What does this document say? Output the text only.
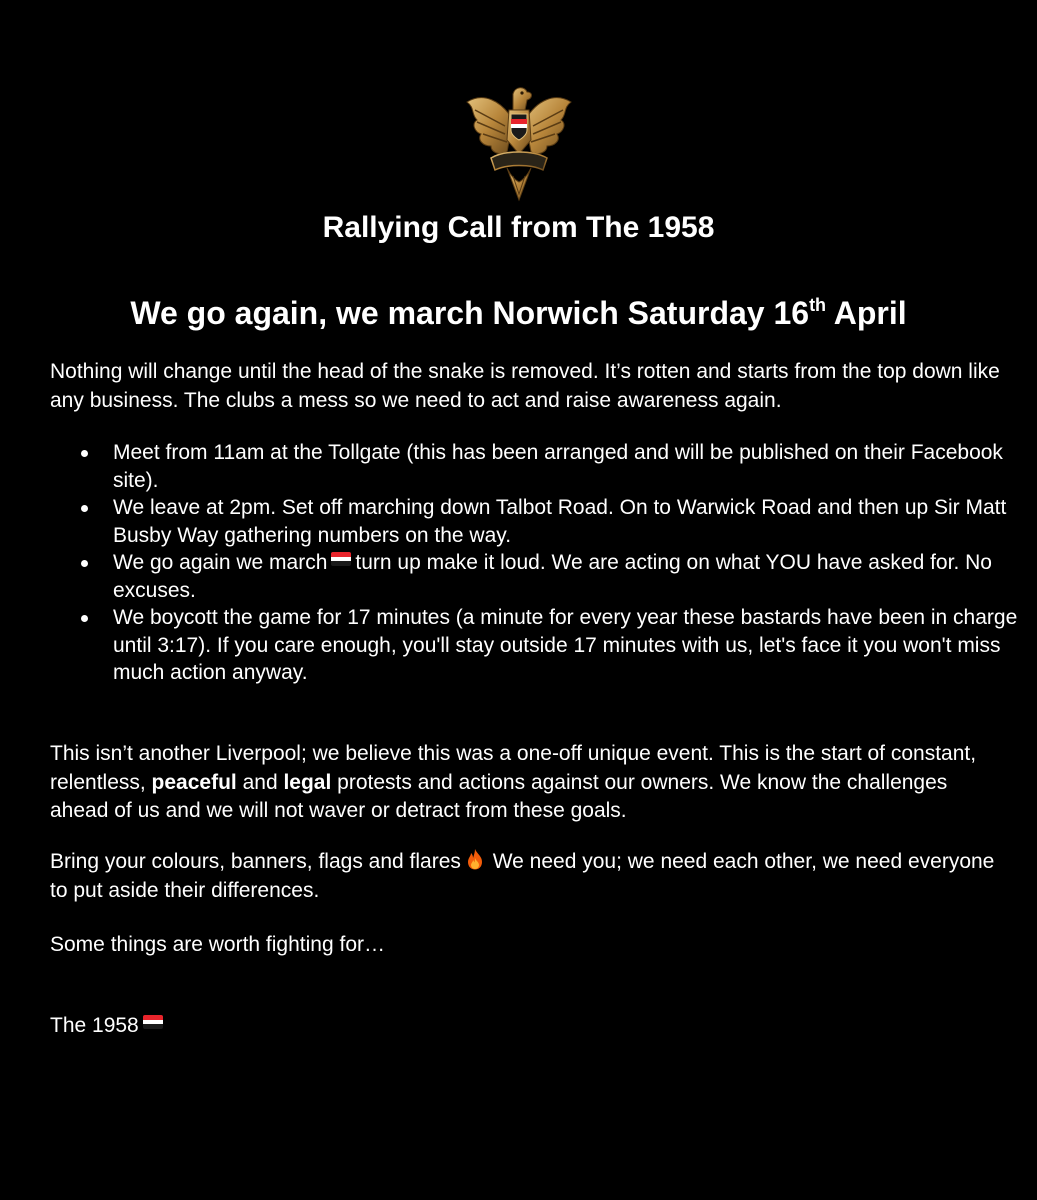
Rallying Call from The 1958
We go again, we march Norwich Saturday 16th April

Nothing will change until the head of the snake is removed. It’s rotten and starts from the top down like any business. The clubs a mess so we need to act and raise awareness again.

Meet from 11am at the Tollgate (this has been arranged and will be published on their Facebook site).
We leave at 2pm. Set off marching down Talbot Road. On to Warwick Road and then up Sir Matt Busby Way gathering numbers on the way.
We go again we march turn up make it loud. We are acting on what YOU have asked for. No excuses.
We boycott the game for 17 minutes (a minute for every year these bastards have been in charge until 3:17). If you care enough, you'll stay outside 17 minutes with us, let's face it you won't miss much action anyway.

This isn’t another Liverpool; we believe this was a one-off unique event. This is the start of constant, relentless, peaceful and legal protests and actions against our owners. We know the challenges ahead of us and we will not waver or detract from these goals.

Bring your colours, banners, flags and flares We need you; we need each other, we need everyone to put aside their differences.

Some things are worth fighting for…

The 1958
